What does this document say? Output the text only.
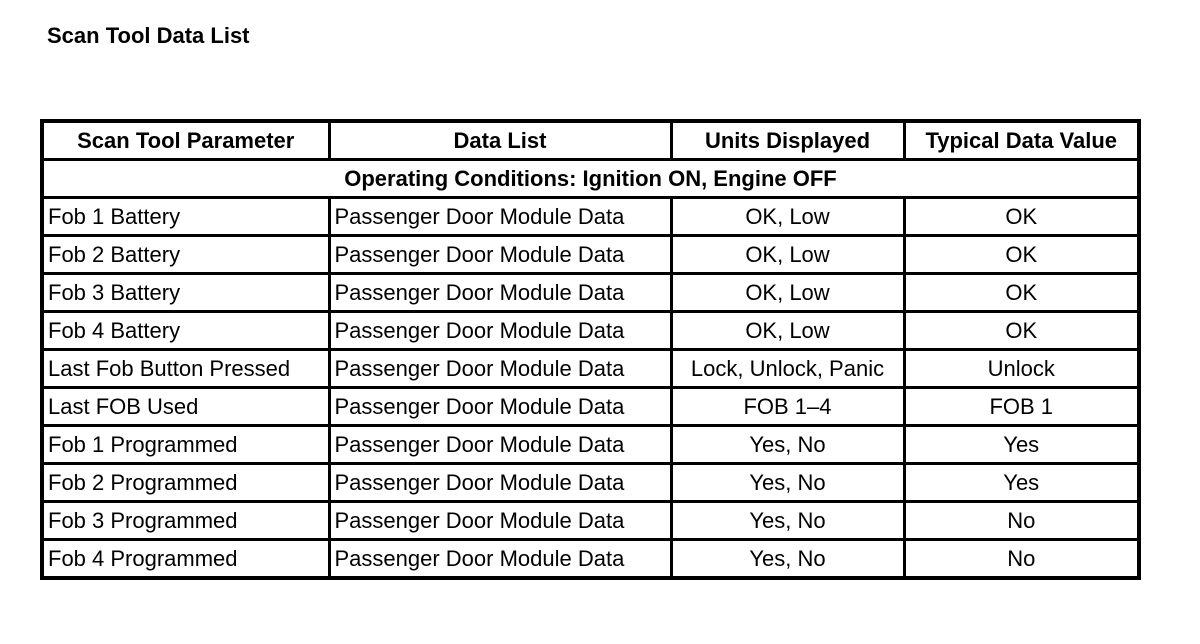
Scan Tool Data List
Scan Tool Parameter	Data List	Units Displayed	Typical Data Value
Operating Conditions: Ignition ON, Engine OFF			
Fob 1 Battery	Passenger Door Module Data	OK, Low	OK
Fob 2 Battery	Passenger Door Module Data	OK, Low	OK
Fob 3 Battery	Passenger Door Module Data	OK, Low	OK
Fob 4 Battery	Passenger Door Module Data	OK, Low	OK
Last Fob Button Pressed	Passenger Door Module Data	Lock, Unlock, Panic	Unlock
Last FOB Used	Passenger Door Module Data	FOB 1–4	FOB 1
Fob 1 Programmed	Passenger Door Module Data	Yes, No	Yes
Fob 2 Programmed	Passenger Door Module Data	Yes, No	Yes
Fob 3 Programmed	Passenger Door Module Data	Yes, No	No
Fob 4 Programmed	Passenger Door Module Data	Yes, No	No
